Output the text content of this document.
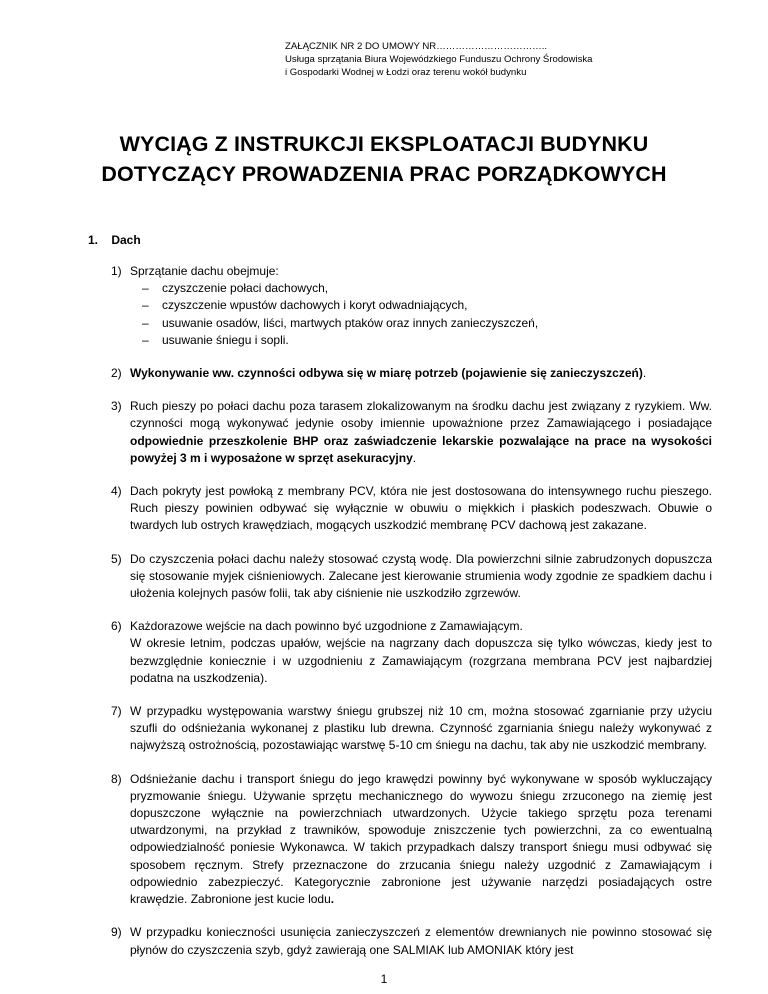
ZAŁĄCZNIK NR 2 DO UMOWY NR……………………………..
Usługa sprzątania Biura Wojewódzkiego Funduszu Ochrony Środowiska
i Gospodarki Wodnej w Łodzi oraz terenu wokół budynku
WYCIĄG Z INSTRUKCJI EKSPLOATACJI BUDYNKU
DOTYCZĄCY PROWADZENIA PRAC PORZĄDKOWYCH
1. Dach
1) Sprzątanie dachu obejmuje:

– czyszczenie połaci dachowych,
– czyszczenie wpustów dachowych i koryt odwadniających,
– usuwanie osadów, liści, martwych ptaków oraz innych zanieczyszczeń,
– usuwanie śniegu i sopli.
2) Wykonywanie ww. czynności odbywa się w miarę potrzeb (pojawienie się zanieczyszczeń).

3) Ruch pieszy po połaci dachu poza tarasem zlokalizowanym na środku dachu jest związany z ryzykiem. Ww. czynności mogą wykonywać jedynie osoby imiennie upoważnione przez Zamawiającego i posiadające odpowiednie przeszkolenie BHP oraz zaświadczenie lekarskie pozwalające na prace na wysokości powyżej 3 m i wyposażone w sprzęt asekuracyjny.

4) Dach pokryty jest powłoką z membrany PCV, która nie jest dostosowana do intensywnego ruchu pieszego. Ruch pieszy powinien odbywać się wyłącznie w obuwiu o miękkich i płaskich podeszwach. Obuwie o twardych lub ostrych krawędziach, mogących uszkodzić membranę PCV dachową jest zakazane.

5) Do czyszczenia połaci dachu należy stosować czystą wodę. Dla powierzchni silnie zabrudzonych dopuszcza się stosowanie myjek ciśnieniowych. Zalecane jest kierowanie strumienia wody zgodnie ze spadkiem dachu i ułożenia kolejnych pasów folii, tak aby ciśnienie nie uszkodziło zgrzewów.

6) Każdorazowe wejście na dach powinno być uzgodnione z Zamawiającym.

W okresie letnim, podczas upałów, wejście na nagrzany dach dopuszcza się tylko wówczas, kiedy jest to bezwzględnie koniecznie i w uzgodnieniu z Zamawiającym (rozgrzana membrana PCV jest najbardziej podatna na uszkodzenia).

7) W przypadku występowania warstwy śniegu grubszej niż 10 cm, można stosować zgarnianie przy użyciu szufli do odśnieżania wykonanej z plastiku lub drewna. Czynność zgarniania śniegu należy wykonywać z najwyższą ostrożnością, pozostawiając warstwę 5-10 cm śniegu na dachu, tak aby nie uszkodzić membrany.

8) Odśnieżanie dachu i transport śniegu do jego krawędzi powinny być wykonywane w sposób wykluczający pryzmowanie śniegu. Używanie sprzętu mechanicznego do wywozu śniegu zrzuconego na ziemię jest dopuszczone wyłącznie na powierzchniach utwardzonych. Użycie takiego sprzętu poza terenami utwardzonymi, na przykład z trawników, spowoduje zniszczenie tych powierzchni, za co ewentualną odpowiedzialność poniesie Wykonawca. W takich przypadkach dalszy transport śniegu musi odbywać się sposobem ręcznym. Strefy przeznaczone do zrzucania śniegu należy uzgodnić z Zamawiającym i odpowiednio zabezpieczyć. Kategorycznie zabronione jest używanie narzędzi posiadających ostre krawędzie. Zabronione jest kucie lodu.

9) W przypadku konieczności usunięcia zanieczyszczeń z elementów drewnianych nie powinno stosować się płynów do czyszczenia szyb, gdyż zawierają one SALMIAK lub AMONIAK który jest

1
